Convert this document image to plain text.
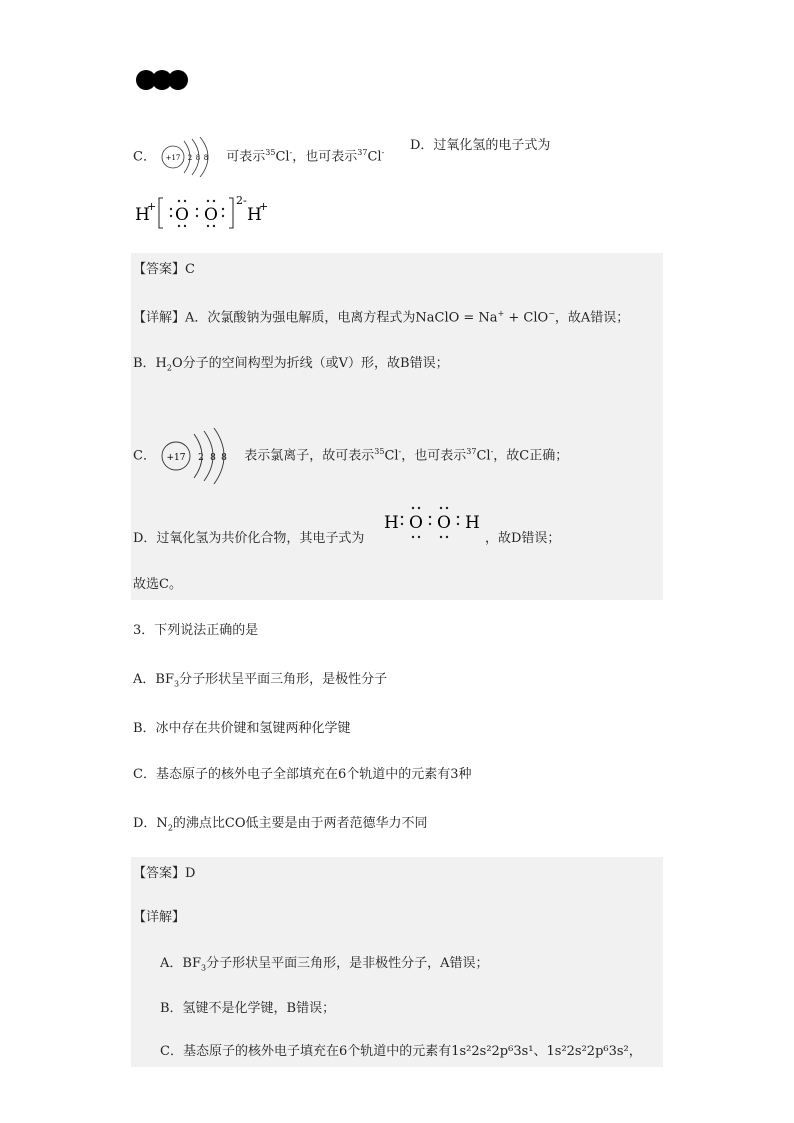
C． +17 2 8 8 可表示$^{35}$Cl-，也可表示$^{37}$Cl- D．过氧化氢的电子式为
H
+ O O
2-
H
+
【答案】C
【详解】A．次氯酸钠为强电解质，电离方程式为NaClO = Na+ + ClO−，故A错误；
B．$H_2O$分子的空间构型为折线（或V）形，故B错误；
C． +17 2 8 8 表示氯离子，故可表示$^{35}$Cl-，也可表示$^{37}$Cl-，故C正确；
D．过氧化氢为共价化合物，其电子式为
H O O H
，故D错误；
故选C。
3．下列说法正确的是
A．$BF_3$分子形状呈平面三角形，是极性分子
B．冰中存在共价键和氢键两种化学键
C．基态原子的核外电子全部填充在6个轨道中的元素有3种
D．$N_2$的沸点比CO低主要是由于两者范德华力不同
【答案】D
【详解】
A．$BF_3$分子形状呈平面三角形，是非极性分子，A错误；
B．氢键不是化学键，B错误；
C．基态原子的核外电子填充在6个轨道中的元素有1s²2s²2p⁶3s¹、1s²2s²2p⁶3s²，
